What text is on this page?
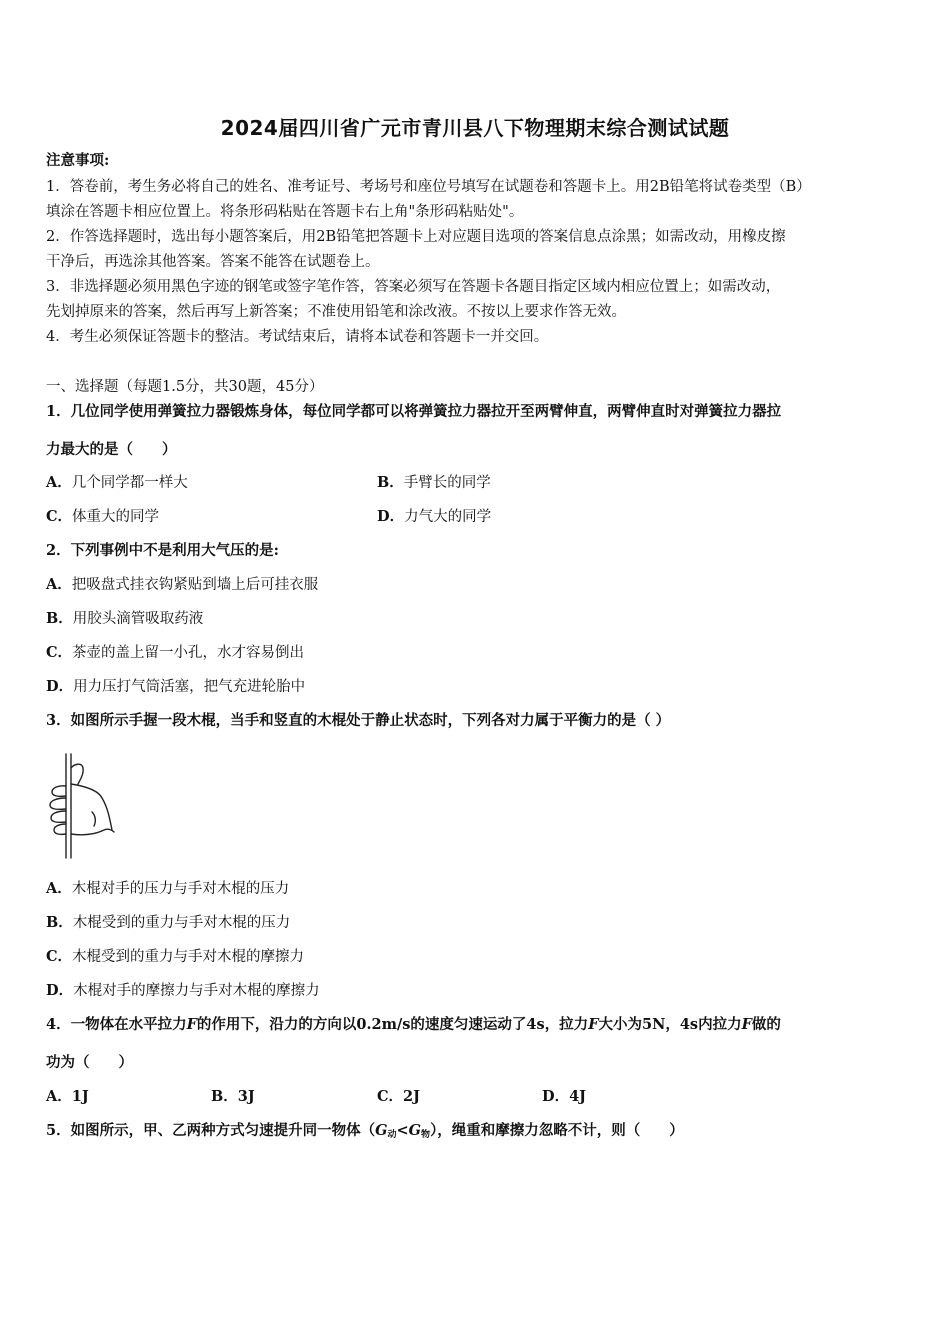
2024届四川省广元市青川县八下物理期末综合测试试题
注意事项:
1．答卷前，考生务必将自己的姓名、准考证号、考场号和座位号填写在试题卷和答题卡上。用2B铅笔将试卷类型（B）
填涂在答题卡相应位置上。将条形码粘贴在答题卡右上角"条形码粘贴处"。
2．作答选择题时，选出每小题答案后，用2B铅笔把答题卡上对应题目选项的答案信息点涂黑；如需改动，用橡皮擦
干净后，再选涂其他答案。答案不能答在试题卷上。
3．非选择题必须用黑色字迹的钢笔或签字笔作答，答案必须写在答题卡各题目指定区域内相应位置上；如需改动，
先划掉原来的答案，然后再写上新答案；不准使用铅笔和涂改液。不按以上要求作答无效。
4．考生必须保证答题卡的整洁。考试结束后，请将本试卷和答题卡一并交回。
一、选择题（每题1.5分，共30题，45分）
1．几位同学使用弹簧拉力器锻炼身体，每位同学都可以将弹簧拉力器拉开至两臂伸直，两臂伸直时对弹簧拉力器拉
力最大的是（　　）
A．几个同学都一样大	B．手臂长的同学
C．体重大的同学	D．力气大的同学
2．下列事例中不是利用大气压的是:
A．把吸盘式挂衣钩紧贴到墙上后可挂衣服
B．用胶头滴管吸取药液
C．茶壶的盖上留一小孔，水才容易倒出
D．用力压打气筒活塞，把气充进轮胎中
3．如图所示手握一段木棍，当手和竖直的木棍处于静止状态时，下列各对力属于平衡力的是（ ）
A．木棍对手的压力与手对木棍的压力
B．木棍受到的重力与手对木棍的压力
C．木棍受到的重力与手对木棍的摩擦力
D．木棍对手的摩擦力与手对木棍的摩擦力
4．一物体在水平拉力F的作用下，沿力的方向以0.2m/s的速度匀速运动了4s，拉力F大小为5N，4s内拉力F做的
功为（　　）
A．1J	B．3J	C．2J	D．4J
5．如图所示，甲、乙两种方式匀速提升同一物体$(G_动<G_物)$，绳重和摩擦力忽略不计，则（　　）
